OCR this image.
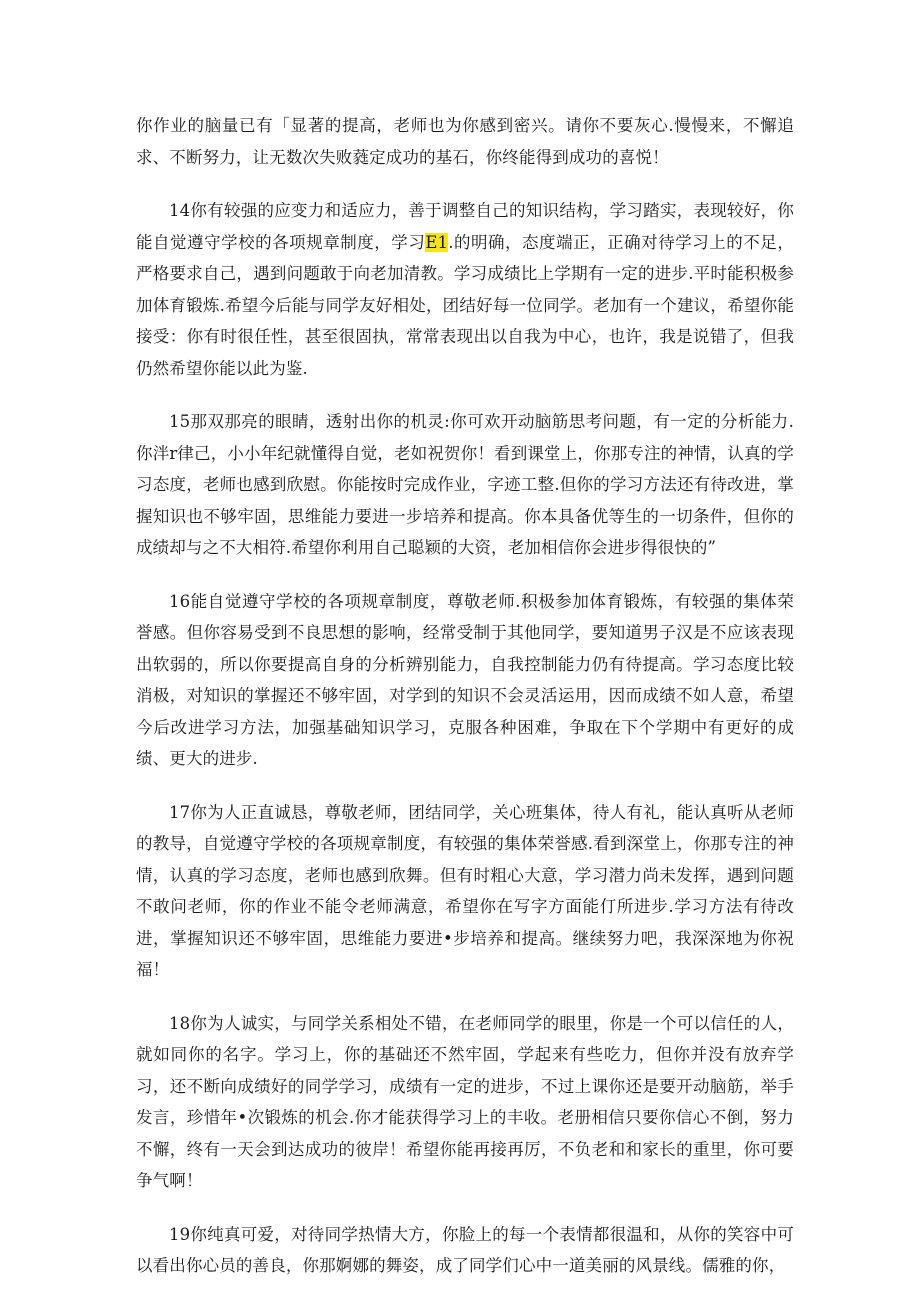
你作业的脑量已有「显著的提高，老师也为你感到密兴。请你不要灰心.慢慢来，不懈追求、不断努力，让无数次失败蕤定成功的基石，你终能得到成功的喜悦！

14你有较强的应变力和适应力，善于调整自己的知识结构，学习踏实，表现较好，你能自觉遵守学校的各项规章制度，学习E1.的明确，态度端正，正确对待学习上的不足，严格要求自己，遇到问题敢于向老加清教。学习成绩比上学期有一定的进步.平时能积极参加体育锻炼.希望今后能与同学友好相处，团结好每一位同学。老加有一个建议，希望你能接受：你有时很任性，甚至很固执，常常表现出以自我为中心，也许，我是说错了，但我仍然希望你能以此为鉴.

15那双那亮的眼睛，透射出你的机灵:你可欢开动脑筋思考问题，有一定的分析能力.你泮r律己，小小年纪就懂得自觉，老如祝贺你！看到课堂上，你那专注的神情，认真的学习态度，老师也感到欣慰。你能按时完成作业，字迹工整.但你的学习方法还有待改进，掌握知识也不够牢固，思维能力要进一步培养和提高。你本具备优等生的一切条件，但你的成绩却与之不大相符.希望你利用自己聪颖的大资，老加相信你会进步得很快的”

16能自觉遵守学校的各项规章制度，尊敬老师.积极参加体育锻炼，有较强的集体荣誉感。但你容易受到不良思想的影响，经常受制于其他同学，要知道男子汉是不应该表现出软弱的，所以你要提高自身的分析辨别能力，自我控制能力仍有待提高。学习态度比较消极，对知识的掌握还不够牢固，对学到的知识不会灵活运用，因而成绩不如人意，希望今后改进学习方法，加强基础知识学习，克服各种困难，争取在下个学期中有更好的成绩、更大的进步.

17你为人正直诚恳，尊敬老师，团结同学，关心班集体，待人有礼，能认真听从老师的教导，自觉遵守学校的各项规章制度，有较强的集体荣誉感.看到深堂上，你那专注的神情，认真的学习态度，老师也感到欣舞。但有时粗心大意，学习潜力尚未发挥，遇到问题不敢问老师，你的作业不能令老师满意，希望你在写字方面能仃所进步.学习方法有待改进，掌握知识还不够牢固，思维能力要进•步培养和提高。继续努力吧，我深深地为你祝福！

18你为人诚实，与同学关系相处不错，在老师同学的眼里，你是一个可以信任的人，就如同你的名字。学习上，你的基础还不然牢固，学起来有些吃力，但你并没有放弃学习，还不断向成绩好的同学学习，成绩有一定的进步，不过上课你还是要开动脑筋，举手发言，珍惜年•次锻炼的机会.你才能获得学习上的丰收。老册相信只要你信心不倒，努力不懈，终有一天会到达成功的彼岸！希望你能再接再厉，不负老和和家长的重里，你可要争气啊！

19你纯真可爱，对待同学热情大方，你脸上的每一个表情都很温和，从你的笑容中可以看出你心员的善良，你那婀娜的舞姿，成了同学们心中一道美丽的风景线。儒雅的你，
